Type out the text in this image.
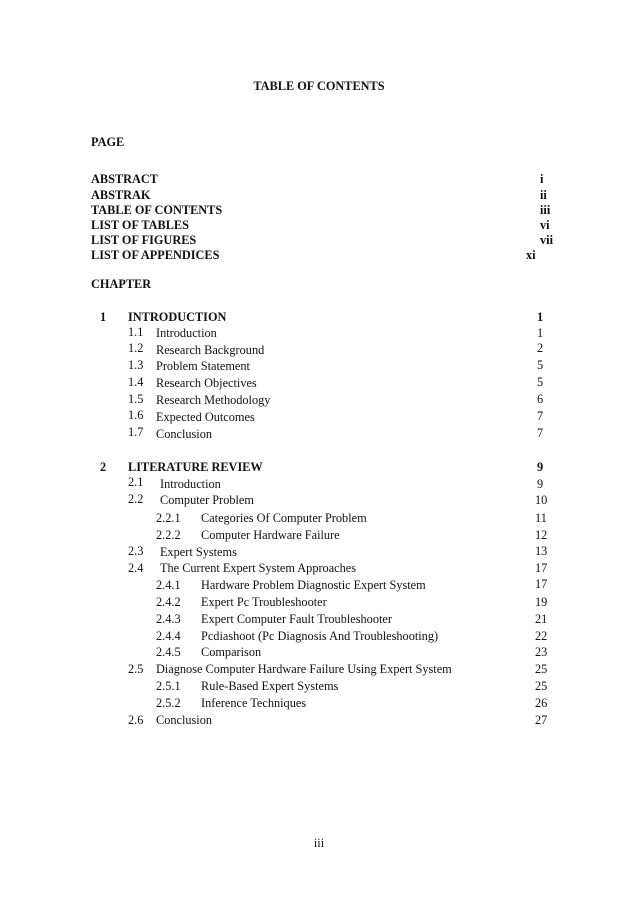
TABLE OF CONTENTS
PAGE
ABSTRACT	i
ABSTRAK	ii
TABLE OF CONTENTS	iii
LIST OF TABLES	vi
LIST OF FIGURES	vii
LIST OF APPENDICES	xi
CHAPTER
1 INTRODUCTION	1
1.1 Introduction	1
1.2 Research Background	2
1.3 Problem Statement	5
1.4 Research Objectives	5
1.5 Research Methodology	6
1.6 Expected Outcomes	7
1.7 Conclusion	7
2 LITERATURE REVIEW	9
2.1 Introduction	9
2.2 Computer Problem	10
2.2.1 Categories Of Computer Problem	11
2.2.2 Computer Hardware Failure	12
2.3 Expert Systems	13
2.4 The Current Expert System Approaches	17
2.4.1 Hardware Problem Diagnostic Expert System	17
2.4.2 Expert Pc Troubleshooter	19
2.4.3 Expert Computer Fault Troubleshooter	21
2.4.4 Pcdiashoot (Pc Diagnosis And Troubleshooting)	22
2.4.5 Comparison	23
2.5 Diagnose Computer Hardware Failure Using Expert System	25
2.5.1 Rule-Based Expert Systems	25
2.5.2 Inference Techniques	26
2.6 Conclusion	27
iii
